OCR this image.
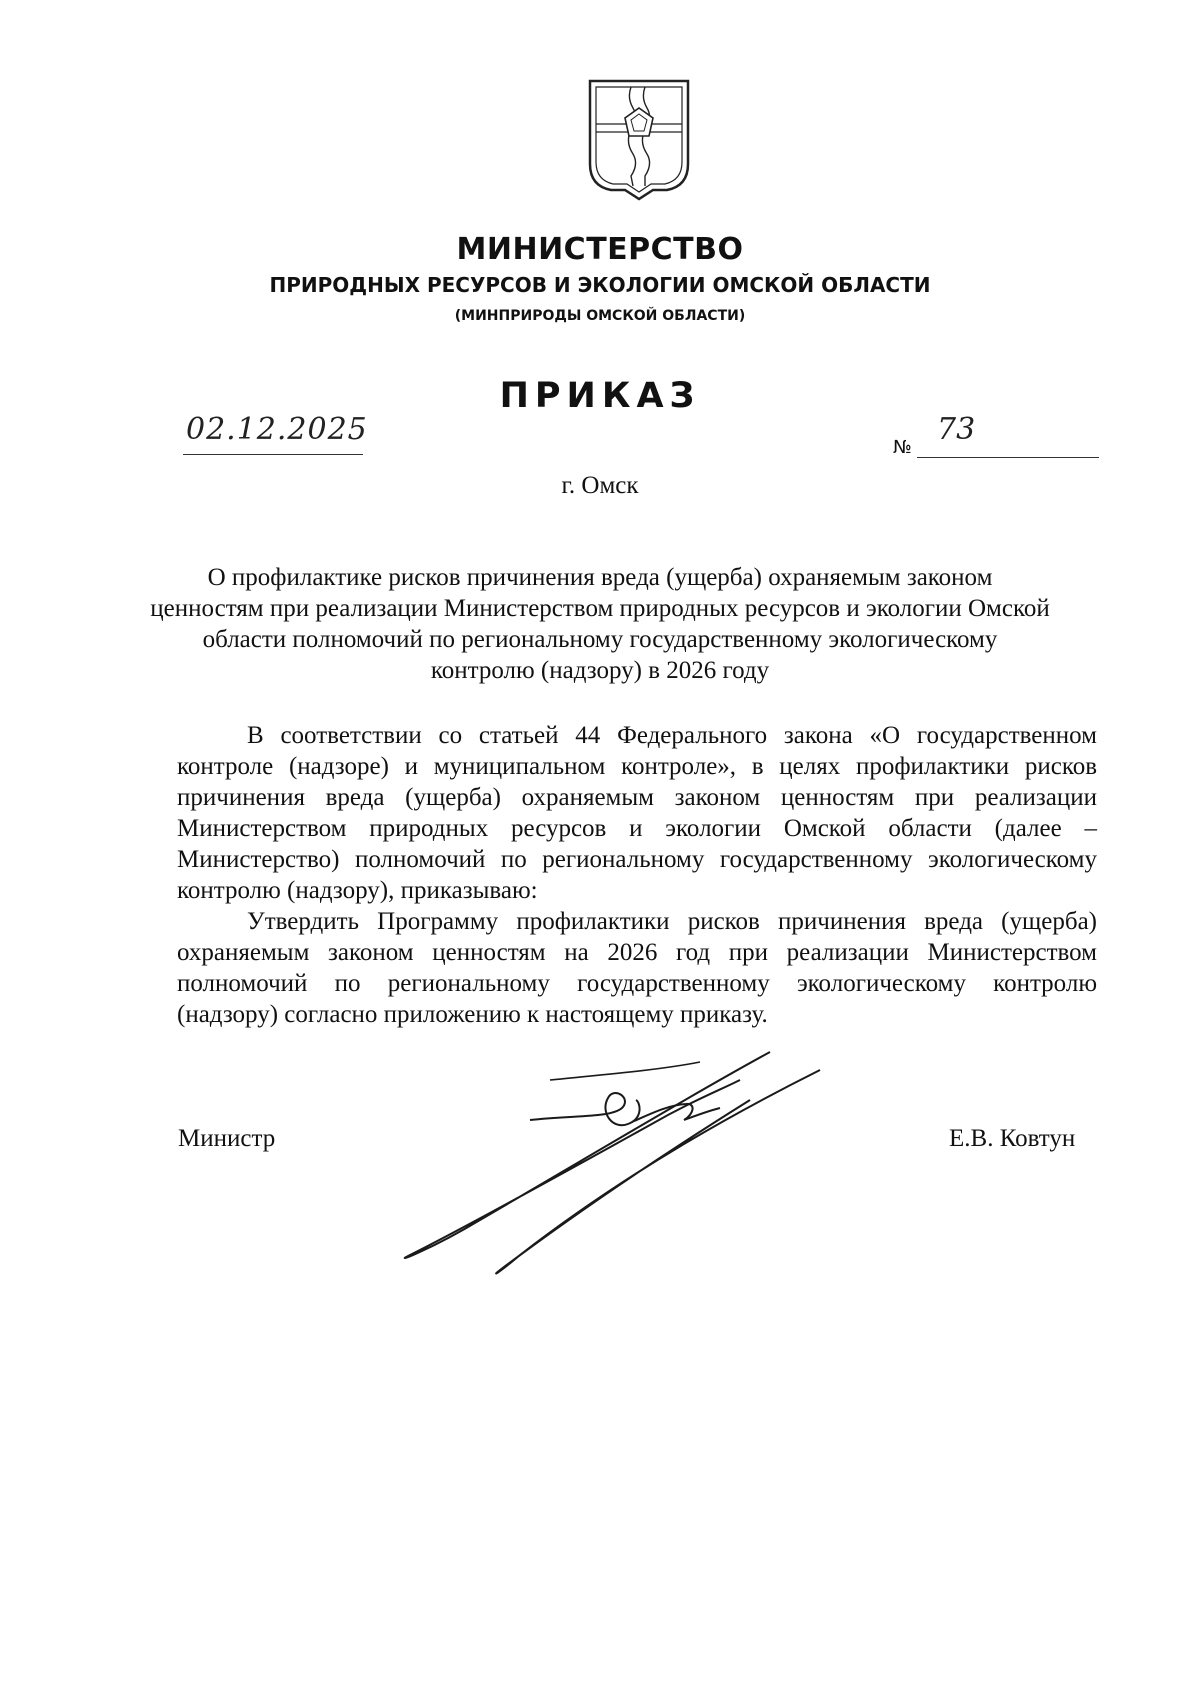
МИНИСТЕРСТВО
ПРИРОДНЫХ РЕСУРСОВ И ЭКОЛОГИИ ОМСКОЙ ОБЛАСТИ
(МИНПРИРОДЫ ОМСКОЙ ОБЛАСТИ)
ПРИКАЗ
02.12.2025
№
73
г. Омск

О профилактике рисков причинения вреда (ущерба) охраняемым законом ценностям при реализации Министерством природных ресурсов и экологии Омской области полномочий по региональному государственному экологическому контролю (надзору) в 2026 году

В соответствии со статьей 44 Федерального закона «О государственном контроле (надзоре) и муниципальном контроле», в целях профилактики рисков причинения вреда (ущерба) охраняемым законом ценностям при реализации Министерством природных ресурсов и экологии Омской области (далее – Министерство) полномочий по региональному государственному экологическому контролю (надзору), приказываю:

Утвердить Программу профилактики рисков причинения вреда (ущерба) охраняемым законом ценностям на 2026 год при реализации Министерством полномочий по региональному государственному экологическому контролю (надзору) согласно приложению к настоящему приказу.

Министр	Е.В. Ковтун
